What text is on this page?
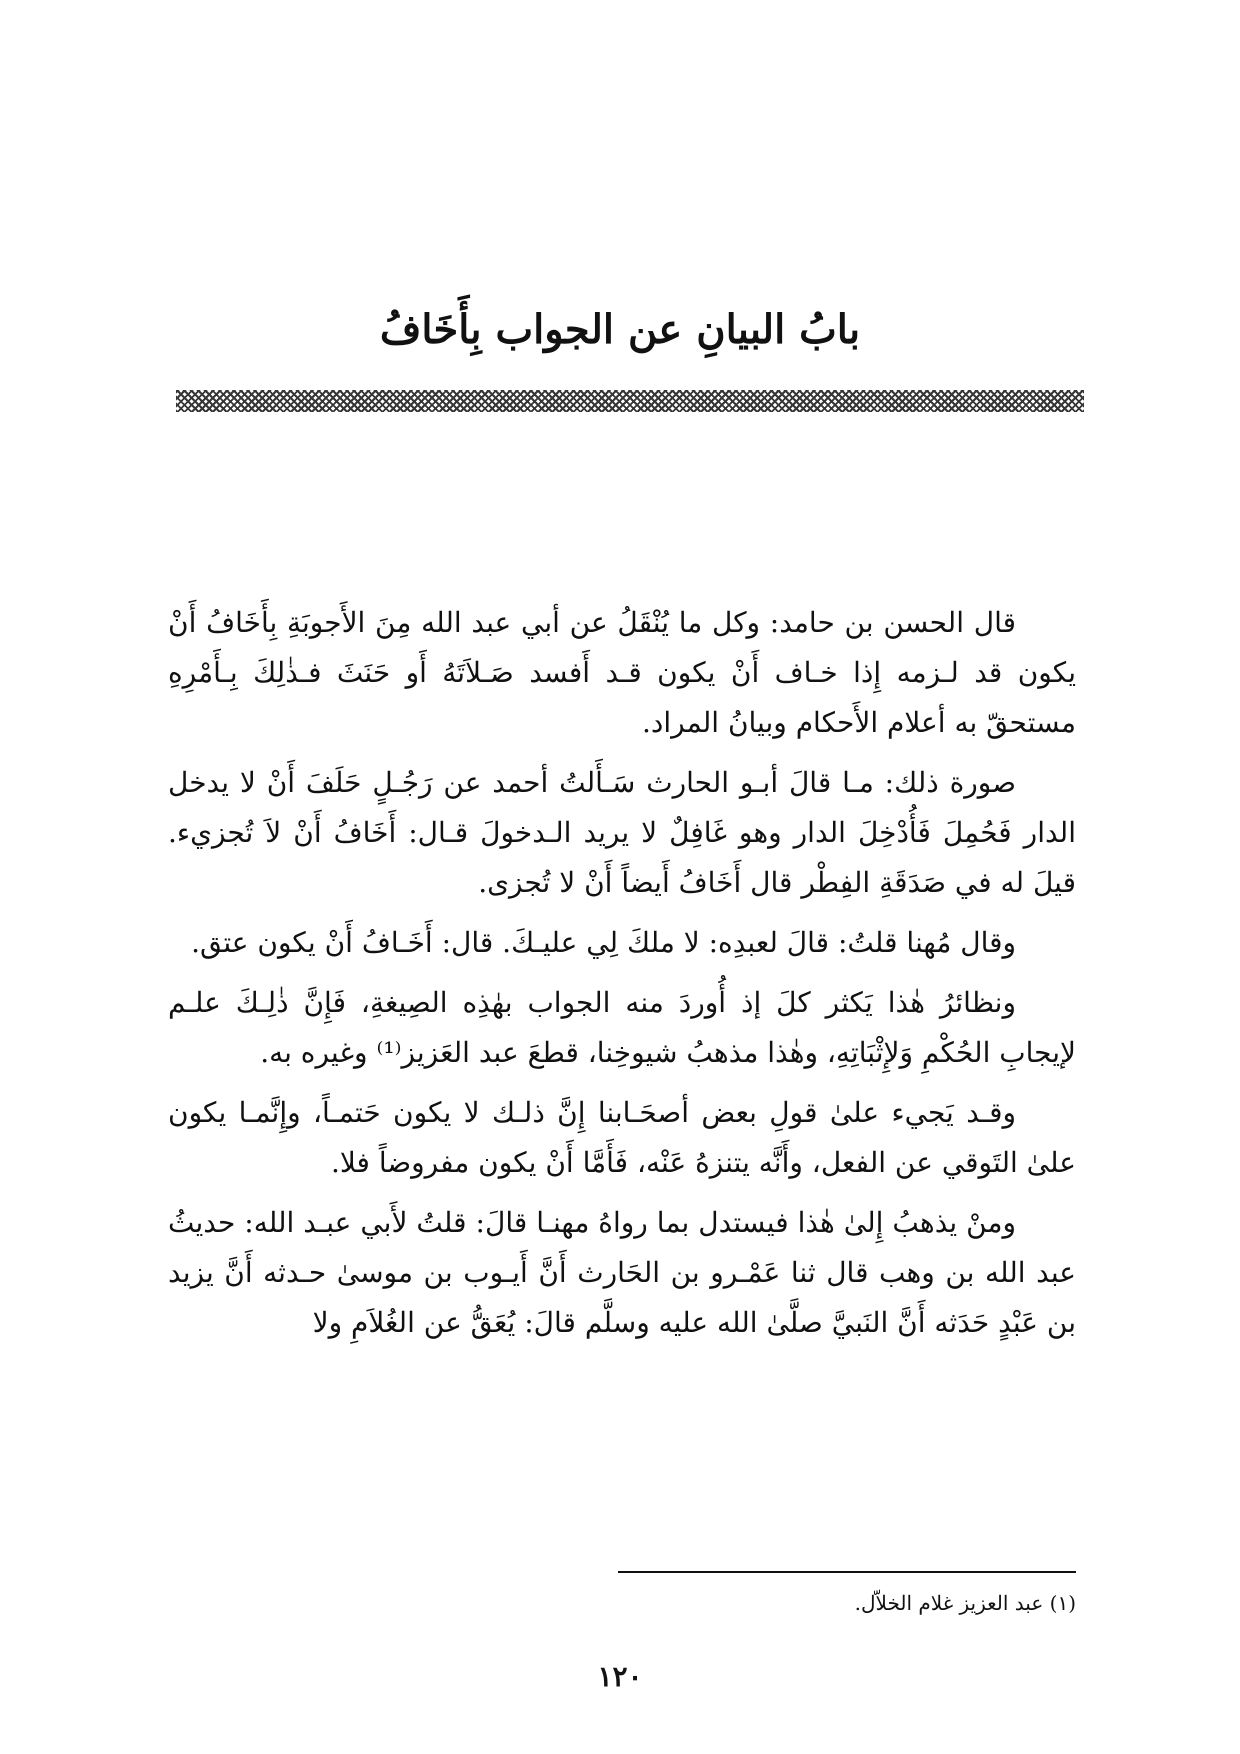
بابُ البيانِ عن الجواب بِأَخَافُ

قال الحسن بن حامد: وكل ما يُنْقَلُ عن أبي عبد الله مِنَ الأَجوبَةِ بِأَخَافُ أَنْ يكون قد لـزمه إِذا خـاف أَنْ يكون قـد أَفسد صَـلاَتَهُ أَو حَنَثَ فـذٰلِكَ بِـأَمْرِهِ مستحقّ به أعلام الأَحكام وبيانُ المراد.

صورة ذلك: مـا قالَ أبـو الحارث سَـأَلتُ أحمد عن رَجُـلٍ حَلَفَ أَنْ لا يدخل الدار فَحُمِلَ فَأُدْخِلَ الدار وهو غَافِلٌ لا يريد الـدخولَ قـال: أَخَافُ أَنْ لاَ تُجزيء. قيلَ له في صَدَقَةِ الفِطْر قال أَخَافُ أَيضاً أَنْ لا تُجزى.

وقال مُهنا قلتُ: قالَ لعبدِه: لا ملكَ لِي عليـكَ. قال: أَخَـافُ أَنْ يكون عتق.

ونظائرُ هٰذا يَكثر كلَ إذ أُوردَ منه الجواب بهٰذِه الصِيغةِ، فَإِنَّ ذٰلِـكَ علـم لإيجابِ الحُكْمِ وَلإِثْبَاتِهِ، وهٰذا مذهبُ شيوخِنا، قطعَ عبد العَزيز⁽¹⁾ وغيره به.

وقـد يَجيء علىٰ قولِ بعض أصحَـابنا إِنَّ ذلـك لا يكون حَتمـاً، وإِنَّمـا يكون علىٰ التَوقي عن الفعل، وأَنَّه يتنزهُ عَنْه، فَأَمَّا أَنْ يكون مفروضاً فلا.

ومنْ يذهبُ إِلىٰ هٰذا فيستدل بما رواهُ مهنـا قالَ: قلتُ لأَبي عبـد الله: حديثُ عبد الله بن وهب قال ثنا عَمْـرو بن الحَارث أَنَّ أَيـوب بن موسىٰ حـدثه أَنَّ يزيد بن عَبْدٍ حَدَثه أَنَّ النَبيَّ صلَّىٰ الله عليه وسلَّم قالَ: يُعَقُّ عن الغُلاَمِ ولا

(١) عبد العزيز غلام الخلاّل.

١٢٠
